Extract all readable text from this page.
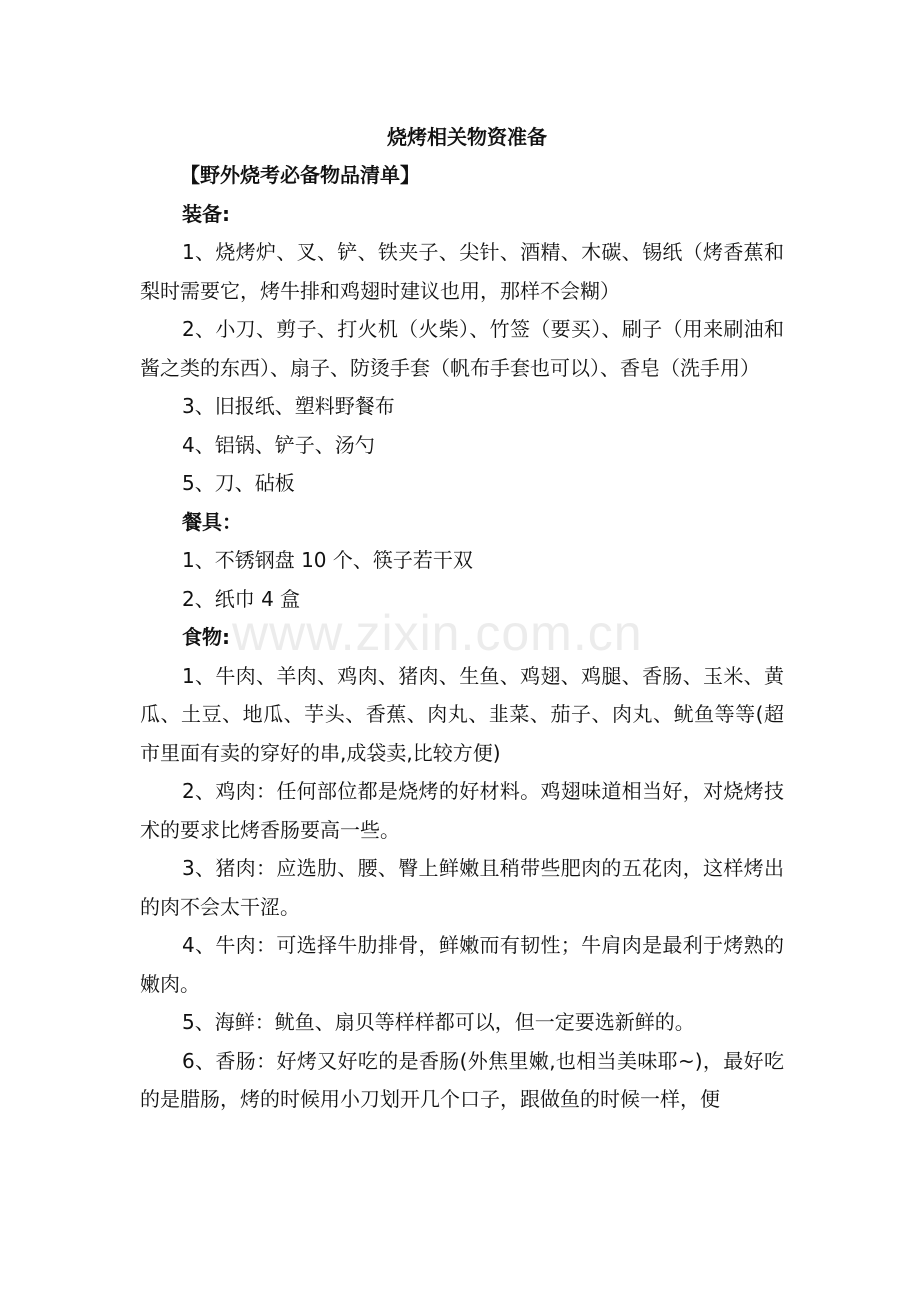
烧烤相关物资准备

【野外烧考必备物品清单】

装备:

1、烧烤炉、叉、铲、铁夹子、尖针、酒精、木碳、锡纸（烤香蕉和梨时需要它，烤牛排和鸡翅时建议也用，那样不会糊）

2、小刀、剪子、打火机（火柴）、竹签（要买）、刷子（用来刷油和酱之类的东西）、扇子、防烫手套（帆布手套也可以）、香皂（洗手用）

3、旧报纸、塑料野餐布

4、铝锅、铲子、汤勺

5、刀、砧板

餐具：

1、不锈钢盘 10 个、筷子若干双

2、纸巾 4 盒

食物:

1、牛肉、羊肉、鸡肉、猪肉、生鱼、鸡翅、鸡腿、香肠、玉米、黄瓜、土豆、地瓜、芋头、香蕉、肉丸、韭菜、茄子、肉丸、鱿鱼等等(超市里面有卖的穿好的串,成袋卖,比较方便)

2、鸡肉：任何部位都是烧烤的好材料。鸡翅味道相当好，对烧烤技术的要求比烤香肠要高一些。

3、猪肉：应选肋、腰、臀上鲜嫩且稍带些肥肉的五花肉，这样烤出的肉不会太干涩。

4、牛肉：可选择牛肋排骨，鲜嫩而有韧性；牛肩肉是最利于烤熟的嫩肉。

5、海鲜：鱿鱼、扇贝等样样都可以，但一定要选新鲜的。

6、香肠：好烤又好吃的是香肠(外焦里嫩,也相当美味耶~)，最好吃的是腊肠，烤的时候用小刀划开几个口子，跟做鱼的时候一样，便

www.zixin.com.cn
